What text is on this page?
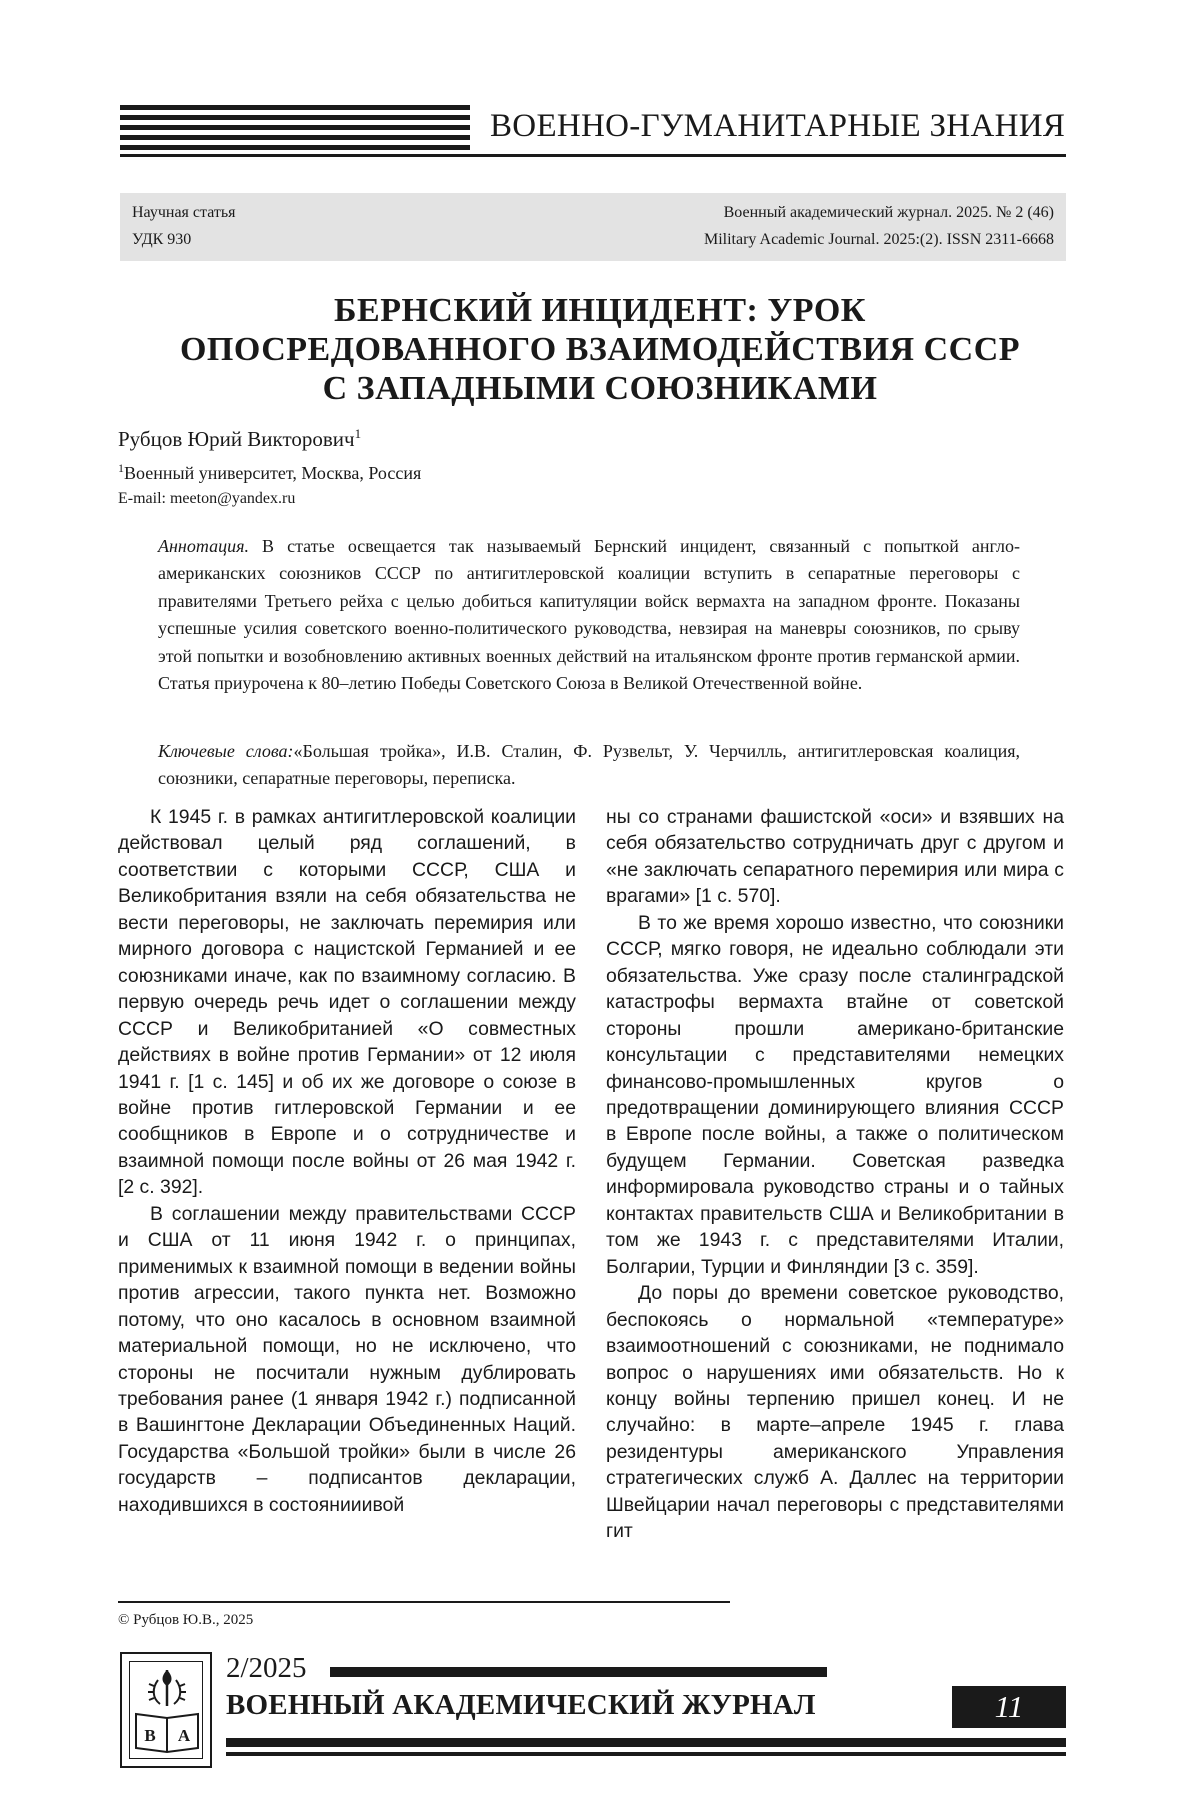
ВОЕННО-ГУМАНИТАРНЫЕ ЗНАНИЯ
Научная статья
УДК 930
Военный академический журнал. 2025. № 2 (46)
Military Academic Journal. 2025:(2). ISSN 2311-6668
БЕРНСКИЙ ИНЦИДЕНТ: УРОК
ОПОСРЕДОВАННОГО ВЗАИМОДЕЙСТВИЯ СССР
С ЗАПАДНЫМИ СОЮЗНИКАМИ
Рубцов Юрий Викторович$^1$
$^1$Военный университет, Москва, Россия
E-mail: meeton@yandex.ru
Аннотация. В статье освещается так называемый Бернский инцидент, связанный с попыткой англо-американских союзников СССР по антигитлеровской коалиции вступить в сепаратные переговоры с правителями Третьего рейха с целью добиться капитуляции войск вермахта на западном фронте. Показаны успешные усилия советского военно-политического руководства, невзирая на маневры союзников, по срыву этой попытки и возобновлению активных военных действий на итальянском фронте против германской армии. Статья приурочена к 80–летию Победы Советского Союза в Великой Отечественной войне.
Ключевые слова:«Большая тройка», И.В. Сталин, Ф. Рузвельт, У. Черчилль, антигитлеровская коалиция, союзники, сепаратные переговоры, переписка.

К 1945 г. в рамках антигитлеровской коалиции действовал целый ряд соглашений, в соответствии с которыми СССР, США и Великобритания взяли на себя обязательства не вести переговоры, не заключать перемирия или мирного договора с нацистской Германией и ее союзниками иначе, как по взаимному согласию. В первую очередь речь идет о соглашении между СССР и Великобританией «О совместных действиях в войне против Германии» от 12 июля 1941 г. [1 с. 145] и об их же договоре о союзе в войне против гитлеровской Германии и ее сообщников в Европе и о сотрудничестве и взаимной помощи после войны от 26 мая 1942 г. [2 с. 392].

В соглашении между правительствами СССР и США от 11 июня 1942 г. о принципах, применимых к взаимной помощи в ведении войны против агрессии, такого пункта нет. Возможно потому, что оно касалось в основном взаимной материальной помощи, но не исключено, что стороны не посчитали нужным дублировать требования ранее (1 января 1942 г.) подписанной в Вашингтоне Декларации Объединенных Наций. Государства «Большой тройки» были в числе 26 государств – подписантов декларации, находившихся в состоянииивой

ны со странами фашистской «оси» и взявших на себя обязательство сотрудничать друг с другом и «не заключать сепаратного перемирия или мира с врагами» [1 с. 570].

В то же время хорошо известно, что союзники СССР, мягко говоря, не идеально соблюдали эти обязательства. Уже сразу после сталинградской катастрофы вермахта втайне от советской стороны прошли американо-британские консультации с представителями немецких финансово-промышленных кругов о предотвращении доминирующего влияния СССР в Европе после войны, а также о политическом будущем Германии. Советская разведка информировала руководство страны и о тайных контактах правительств США и Великобритании в том же 1943 г. с представителями Италии, Болгарии, Турции и Финляндии [3 с. 359].

До поры до времени советское руководство, беспокоясь о нормальной «температуре» взаимоотношений с союзниками, не поднимало вопрос о нарушениях ими обязательств. Но к концу войны терпению пришел конец. И не случайно: в марте–апреле 1945 г. глава резидентуры американского Управления стратегических служб А. Даллес на территории Швейцарии начал переговоры с представителями гит

© Рубцов Ю.В., 2025
В А
2/2025
ВОЕННЫЙ АКАДЕМИЧЕСКИЙ ЖУРНАЛ	11
